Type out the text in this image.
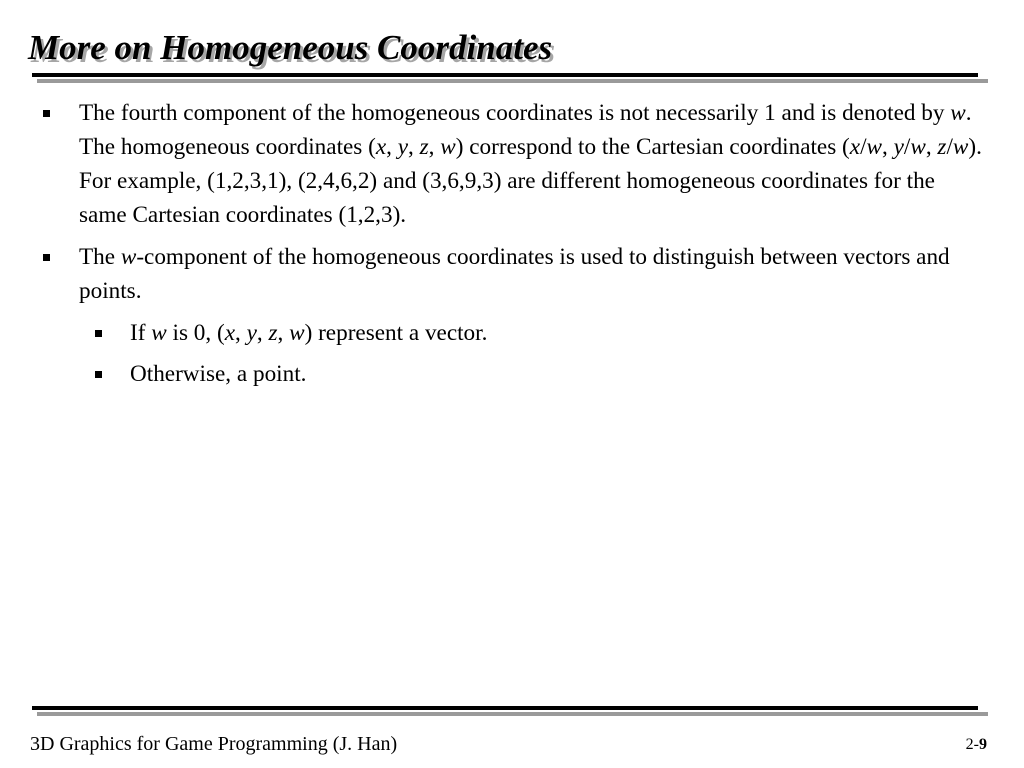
More on Homogeneous Coordinates
The fourth component of the homogeneous coordinates is not necessarily 1 and is denoted by w. The homogeneous coordinates (x, y, z, w) correspond to the Cartesian coordinates (x/w, y/w, z/w). For example, (1,2,3,1), (2,4,6,2) and (3,6,9,3) are different homogeneous coordinates for the same Cartesian coordinates (1,2,3).
The w-component of the homogeneous coordinates is used to distinguish between vectors and points.
If w is 0, (x, y, z, w) represent a vector.
Otherwise, a point.
3D Graphics for Game Programming (J. Han)	2-9
